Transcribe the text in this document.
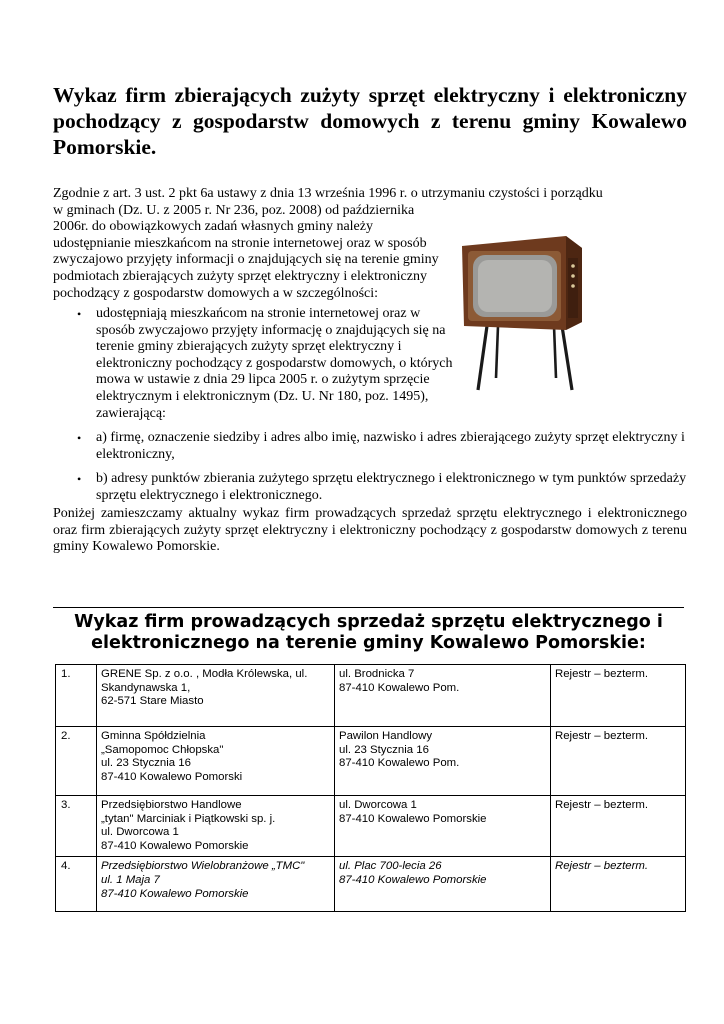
Wykaz firm zbierających zużyty sprzęt elektryczny i elektroniczny pochodzący z gospodarstw domowych z terenu gminy Kowalewo Pomorskie.

Zgodnie z art. 3 ust. 2 pkt 6a ustawy z dnia 13 września 1996 r. o utrzymaniu czystości i porządku

w gminach (Dz. U. z 2005 r. Nr 236, poz. 2008) od października 2006r. do obowiązkowych zadań własnych gminy należy udostępnianie mieszkańcom na stronie internetowej oraz w sposób zwyczajowo przyjęty informacji o znajdujących się na terenie gminy podmiotach zbierających zużyty sprzęt elektryczny i elektroniczny pochodzący z gospodarstw domowych a w szczególności:

• udostępniają mieszkańcom na stronie internetowej oraz w sposób zwyczajowo przyjęty informację o znajdujących się na terenie gminy zbierających zużyty sprzęt elektryczny i elektroniczny pochodzący z gospodarstw domowych, o których mowa w ustawie z dnia 29 lipca 2005 r. o zużytym sprzęcie elektrycznym i elektronicznym (Dz. U. Nr 180, poz. 1495), zawierającą:
• a) firmę, oznaczenie siedziby i adres albo imię, nazwisko i adres zbierającego zużyty sprzęt elektryczny i elektroniczny,
• b) adresy punktów zbierania zużytego sprzętu elektrycznego i elektronicznego w tym punktów sprzedaży sprzętu elektrycznego i elektronicznego.

Poniżej zamieszczamy aktualny wykaz firm prowadzących sprzedaż sprzętu elektrycznego i elektronicznego oraz firm zbierających zużyty sprzęt elektryczny i elektroniczny pochodzący z gospodarstw domowych z terenu gminy Kowalewo Pomorskie.

Wykaz firm prowadzących sprzedaż sprzętu elektrycznego i elektronicznego na terenie gminy Kowalewo Pomorskie:
1.	GRENE Sp. z o.o. , Modła Królewska, ul.
Skandynawska 1,
62-571 Stare Miasto	ul. Brodnicka 7
87-410 Kowalewo Pom.	Rejestr – bezterm.
2.	Gminna Spółdzielnia
„Samopomoc Chłopska"
ul. 23 Stycznia 16
87-410 Kowalewo Pomorski	Pawilon Handlowy
ul. 23 Stycznia 16
87-410 Kowalewo Pom.	Rejestr – bezterm.
3.	Przedsiębiorstwo Handlowe
„tytan" Marciniak i Piątkowski sp. j.
ul. Dworcowa 1
87-410 Kowalewo Pomorskie	ul. Dworcowa 1
87-410 Kowalewo Pomorskie	Rejestr – bezterm.
4.	Przedsiębiorstwo Wielobranżowe „TMC"
ul. 1 Maja 7
87-410 Kowalewo Pomorskie	ul. Plac 700-lecia 26
87-410 Kowalewo Pomorskie	Rejestr – bezterm.
